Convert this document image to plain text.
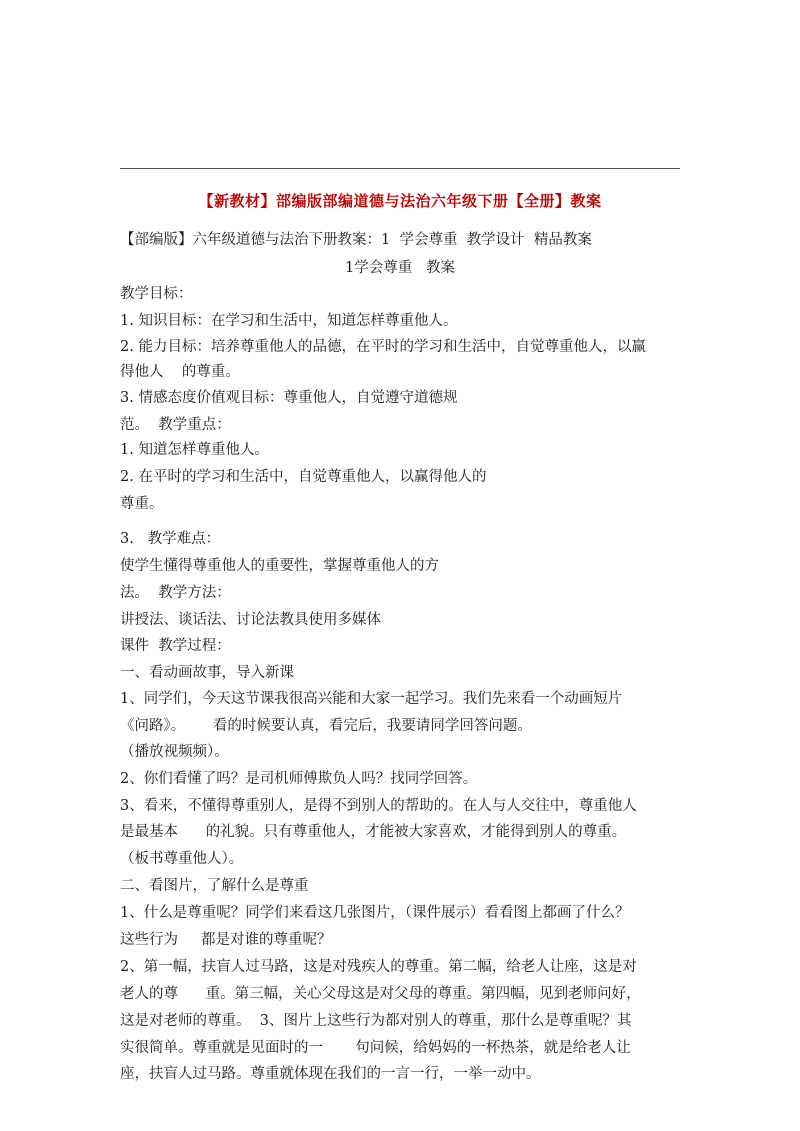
【新教材】部编版部编道德与法治六年级下册【全册】教案
【部编版】六年级道德与法治下册教案：1  学会尊重  教学设计  精品教案
1学会尊重   教案
教学目标：
1. 知识目标：在学习和生活中，知道怎样尊重他人。
2. 能力目标：培养尊重他人的品德，在平时的学习和生活中，自觉尊重他人，以赢
得他人    的尊重。
3. 情感态度价值观目标：尊重他人，自觉遵守道德规
范。  教学重点：
1. 知道怎样尊重他人。
2. 在平时的学习和生活中，自觉尊重他人，以赢得他人的
尊重。
3.   教学难点：
使学生懂得尊重他人的重要性，掌握尊重他人的方
法。  教学方法：
讲授法、谈话法、讨论法教具使用多媒体
课件  教学过程：
一、看动画故事，导入新课
1、同学们，今天这节课我很高兴能和大家一起学习。我们先来看一个动画短片
《问路》。      看的时候要认真，看完后，我要请同学回答问题。
（播放视频频）。
2、你们看懂了吗？是司机师傅欺负人吗？找同学回答。
3、看来，不懂得尊重别人，是得不到别人的帮助的。在人与人交往中，尊重他人
是最基本      的礼貌。只有尊重他人，才能被大家喜欢，才能得到别人的尊重。
（板书尊重他人）。
二、看图片，了解什么是尊重
1、什么是尊重呢？同学们来看这几张图片，（课件展示）看看图上都画了什么？
这些行为     都是对谁的尊重呢？
2、第一幅，扶盲人过马路，这是对残疾人的尊重。第二幅，给老人让座，这是对
老人的尊      重。第三幅，关心父母这是对父母的尊重。第四幅，见到老师问好，
这是对老师的尊重。  3、图片上这些行为都对别人的尊重，那什么是尊重呢？其
实很简单。尊重就是见面时的一       句问候，给妈妈的一杯热茶，就是给老人让
座，扶盲人过马路。尊重就体现在我们的一言一行，一举一动中。
